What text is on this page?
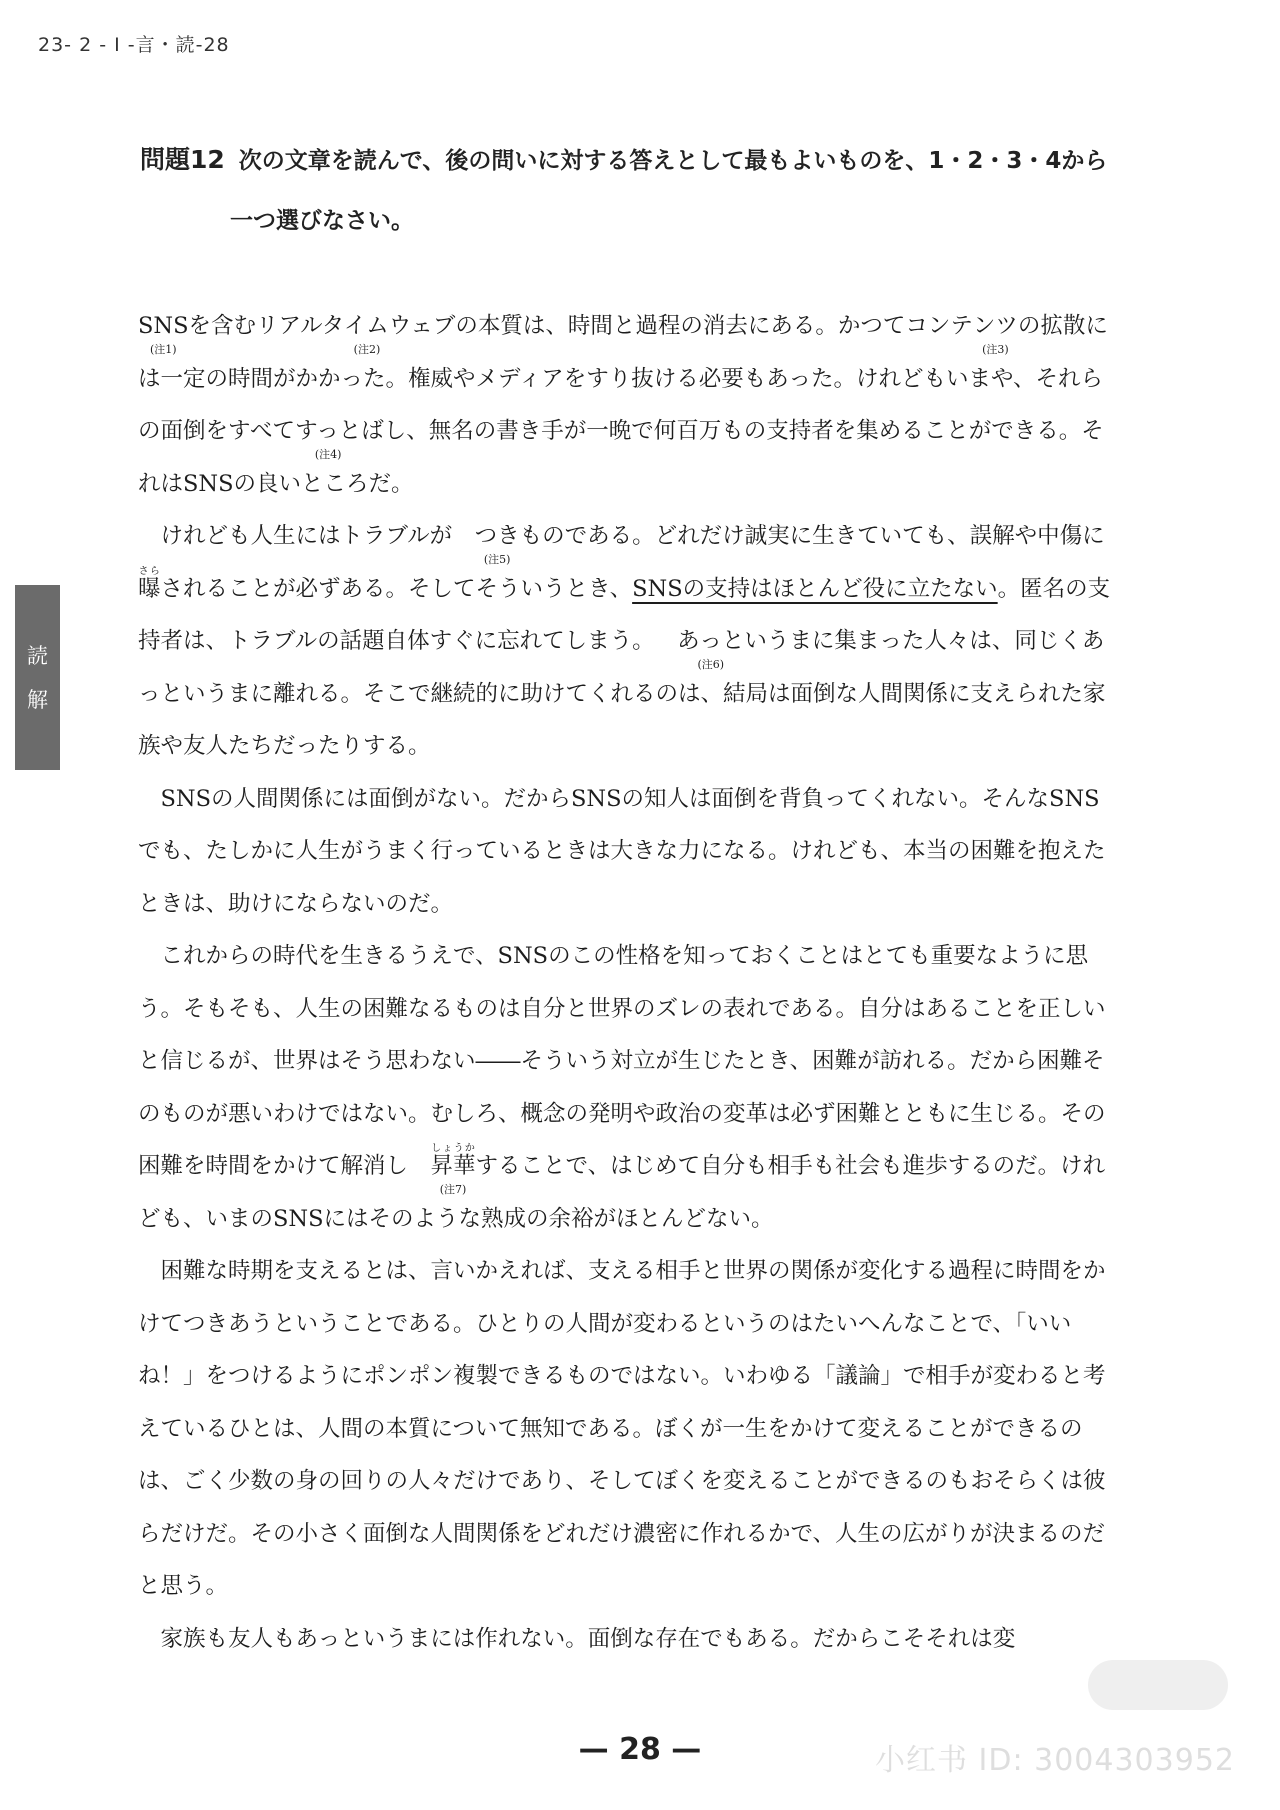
23- 2 - I -言・読-28
問題12 次の文章を読んで、後の問いに対する答えとして最もよいものを、1・2・3・4から
一つ選びなさい。
読
解

SNS
(注1)
を含むリアルタイムウェブ
(注2)
の本質は、時間と過程の消去にある。かつてコンテンツ
(注3)
の拡散には一定の時間がかかった。権威やメディアをすり抜ける必要もあった。けれどもいまや、それらの面倒をすべてすっと
(注4)
ばし、無名の書き手が一晩で何百万もの支持者を集めることができる。それはSNSの良いところだ。

けれども人生にはトラブルが つき
(注5)
ものである。どれだけ誠実に生きていても、誤解や中傷に曝さらされることが必ずある。そしてそういうとき、SNSの支持はほとんど役に立たない。匿名の支持者は、トラブルの話題自体すぐに忘れてしまう。 あっと
(注6)
いうまに集まった人々は、同じくあっというまに離れる。そこで継続的に助けてくれるのは、結局は面倒な人間関係に支えられた家族や友人たちだったりする。

SNSの人間関係には面倒がない。だからSNSの知人は面倒を背負ってくれない。そんなSNSでも、たしかに人生がうまく行っているときは大きな力になる。けれども、本当の困難を抱えたときは、助けにならないのだ。

これからの時代を生きるうえで、SNSのこの性格を知っておくことはとても重要なように思う。そもそも、人生の困難なるものは自分と世界のズレの表れである。自分はあることを正しいと信じるが、世界はそう思わない――そういう対立が生じたとき、困難が訪れる。だから困難そのものが悪いわけではない。むしろ、概念の発明や政治の変革は必ず困難とともに生じる。その困難を時間をかけて解消し 昇華しょうか
(注7)
することで、はじめて自分も相手も社会も進歩するのだ。けれども、いまのSNSにはそのような熟成の余裕がほとんどない。

困難な時期を支えるとは、言いかえれば、支える相手と世界の関係が変化する過程に時間をかけてつきあうということである。ひとりの人間が変わるというのはたいへんなことで、「いいね！」をつけるようにポンポン複製できるものではない。いわゆる「議論」で相手が変わると考えているひとは、人間の本質について無知である。ぼくが一生をかけて変えることができるのは、ごく少数の身の回りの人々だけであり、そしてぼくを変えることができるのもおそらくは彼らだけだ。その小さく面倒な人間関係をどれだけ濃密に作れるかで、人生の広がりが決まるのだと思う。

家族も友人もあっというまには作れない。面倒な存在でもある。だからこそそれは変

— 28 —	小红书 ID: 3004303952
